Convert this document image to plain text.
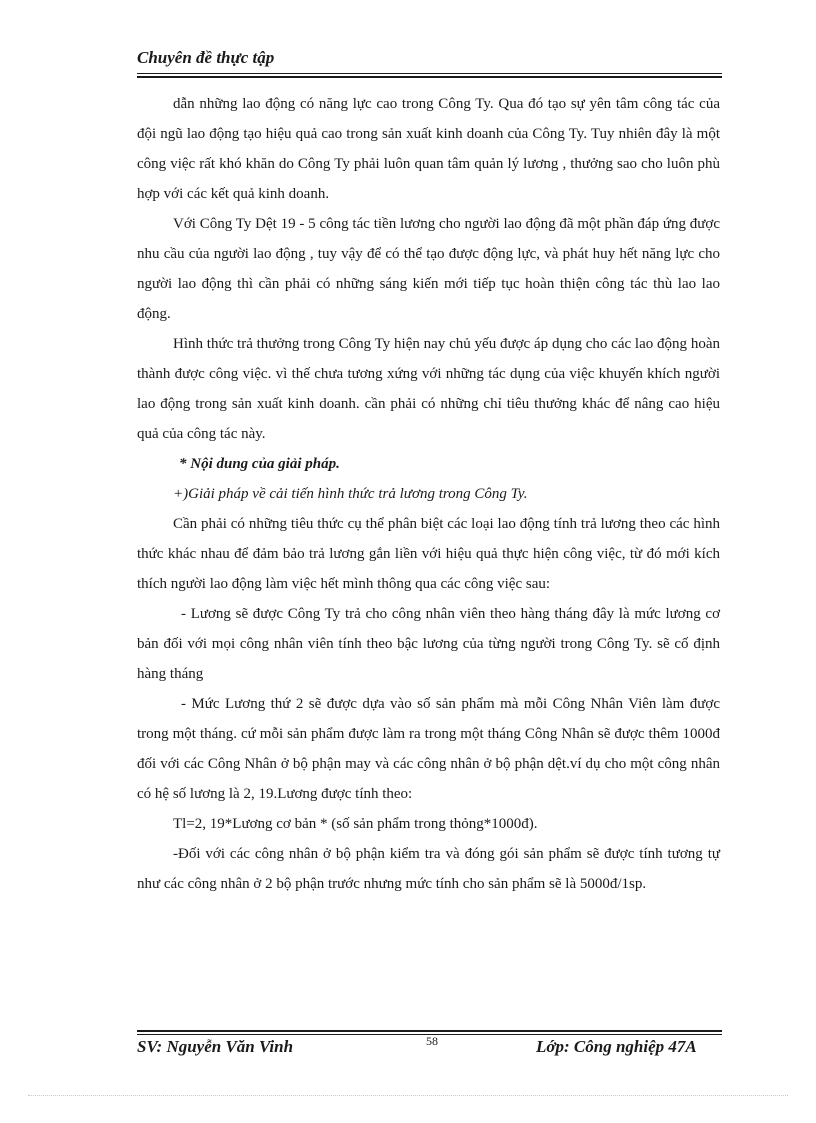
Chuyên đề thực tập

dẫn những lao động có năng lực cao trong Công Ty. Qua đó tạo sự yên tâm công tác của đội ngũ lao động tạo hiệu quả cao trong sản xuất kinh doanh của Công Ty. Tuy nhiên đây là một công việc rất khó khăn do Công Ty phải luôn quan tâm quản lý lương , thưởng sao cho luôn phù hợp với các kết quả kinh doanh.

Với Công Ty Dệt 19 - 5 công tác tiền lương cho người lao động đã một phần đáp ứng được nhu cầu của người lao động , tuy vậy để có thể tạo được động lực, và phát huy hết năng lực cho người lao động thì cần phải có những sáng kiến mới tiếp tục hoàn thiện công tác thù lao lao động.

Hình thức trả thưởng trong Công Ty hiện nay chủ yếu được áp dụng cho các lao động hoàn thành được công việc. vì thế chưa tương xứng với những tác dụng của việc khuyến khích người lao động trong sản xuất kinh doanh. cần phải có những chỉ tiêu thưởng khác để nâng cao hiệu quả của công tác này.

* Nội dung của giải pháp.

+)Giải pháp về cải tiến hình thức trả lương trong Công Ty.

Cần phải có những tiêu thức cụ thể phân biệt các loại lao động tính trả lương theo các hình thức khác nhau để đảm bảo trả lương gắn liền với hiệu quả thực hiện công việc, từ đó mới kích thích người lao động làm việc hết mình thông qua các công việc sau:

- Lương sẽ được Công Ty trả cho công nhân viên theo hàng tháng đây là mức lương cơ bản đối với mọi công nhân viên tính theo bậc lương của từng người trong Công Ty. sẽ cố định hàng tháng

- Mức Lương thứ 2 sẽ được dựa vào số sản phẩm mà mỗi Công Nhân Viên làm được trong một tháng. cứ mỗi sản phẩm được làm ra trong một tháng Công Nhân sẽ được thêm 1000đ đối với các Công Nhân ở bộ phận may và các công nhân ở bộ phận dệt.ví dụ cho một công nhân có hệ số lương là 2, 19.Lương được tính theo:

Tl=2, 19*Lương cơ bản * (số sản phẩm trong thỏng*1000đ).

-Đối với các công nhân ở bộ phận kiểm tra và đóng gói sản phẩm sẽ được tính tương tự như các công nhân ở 2 bộ phận trước nhưng mức tính cho sản phẩm sẽ là 5000đ/1sp.

SV: Nguyễn Văn Vinh	58	Lớp: Công nghiệp 47A
